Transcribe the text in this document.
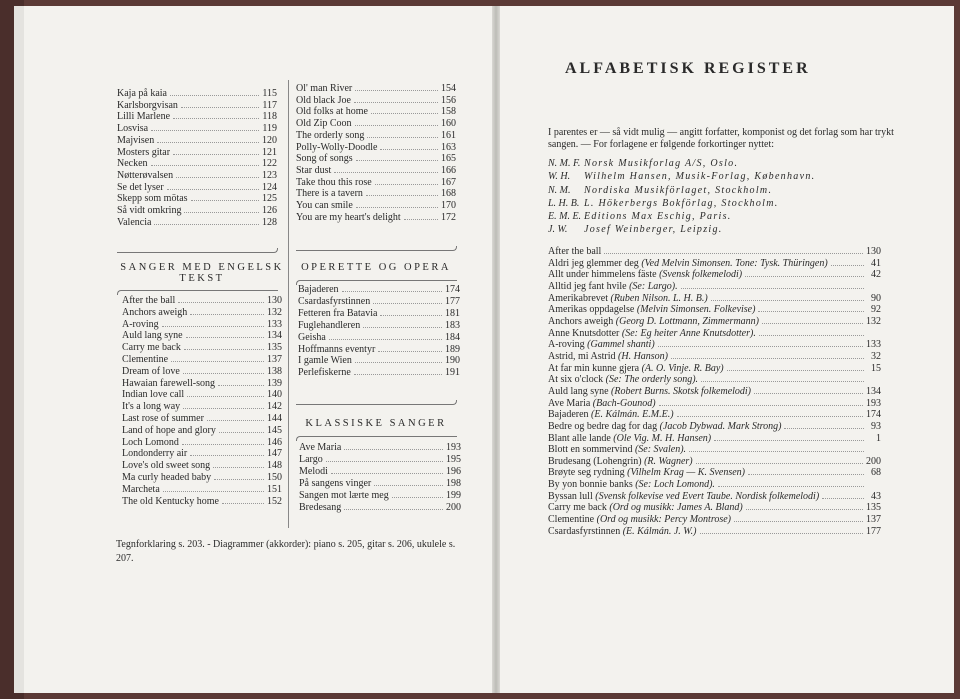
Kaja på kaia	115
Karlsborgvisan	117
Lilli Marlene	118
Losvisa	119
Majvisen	120
Mosters gitar	121
Necken	122
Nøtterøvalsen	123
Se det lyser	124
Skepp som mötas	125
Så vidt omkring	126
Valencia	128
Ol' man River	154
Old black Joe	156
Old folks at home	158
Old Zip Coon	160
The orderly song	161
Polly-Wolly-Doodle	163
Song of songs	165
Star dust	166
Take thou this rose	167
There is a tavern	168
You can smile	170
You are my heart's delight	172
SANGER MED ENGELSK
TEKST
After the ball	130
Anchors aweigh	132
A-roving	133
Auld lang syne	134
Carry me back	135
Clementine	137
Dream of love	138
Hawaian farewell-song	139
Indian love call	140
It's a long way	142
Last rose of summer	144
Land of hope and glory	145
Loch Lomond	146
Londonderry air	147
Love's old sweet song	148
Ma curly headed baby	150
Marcheta	151
The old Kentucky home	152
OPERETTE OG OPERA
Bajaderen	174
Csardasfyrstinnen	177
Fetteren fra Batavia	181
Fuglehandleren	183
Geisha	184
Hoffmanns eventyr	189
I gamle Wien	190
Perlefiskerne	191
KLASSISKE SANGER
Ave Maria	193
Largo	195
Melodi	196
På sangens vinger	198
Sangen mot lærte meg	199
Bredesang	200
Tegnforklaring s. 203. - Diagrammer (akkorder): piano s. 205, gitar s. 206, ukulele s. 207.
ALFABETISK REGISTER
I parentes er — så vidt mulig — angitt forfatter, komponist og det forlag som har trykt sangen. — For forlagene er følgende forkortinger nyttet:
N. M. F. Norsk Musikforlag A/S, Oslo.
W. H.	Wilhelm Hansen, Musik-Forlag, København.
N. M.	Nordiska Musikförlaget, Stockholm.
L. H. B. L. Hökerbergs Bokförlag, Stockholm.
E. M. E. Editions Max Eschig, Paris.
J. W.	Josef Weinberger, Leipzig.
After the ball	130
Aldri jeg glemmer deg (Ved Melvin Simonsen. Tone: Tysk. Thüringen)	41
Allt under himmelens fäste (Svensk folkemelodi)	42
Alltid jeg fant hvile (Se: Largo).
Amerikabrevet (Ruben Nilson. L. H. B.)	90
Amerikas oppdagelse (Melvin Simonsen. Folkevise)	92
Anchors aweigh (Georg D. Lottmann, Zimmermann)	132
Anne Knutsdotter (Se: Eg heiter Anne Knutsdotter).
A-roving (Gammel shanti)	133
Astrid, mi Astrid (H. Hanson)	32
At far min kunne gjera (A. O. Vinje. R. Bay)	15
At six o'clock (Se: The orderly song).
Auld lang syne (Robert Burns. Skotsk folkemelodi)	134
Ave Maria (Bach-Gounod)	193
Bajaderen (E. Kálmán. E.M.E.)	174
Bedre og bedre dag for dag (Jacob Dybwad. Mark Strong)	93
Blant alle lande (Ole Vig. M. H. Hansen)	1
Blott en sommervind (Se: Svalen).
Brudesang (Lohengrin) (R. Wagner)	200
Brøyte seg rydning (Vilhelm Krag — K. Svensen)	68
By yon bonnie banks (Se: Loch Lomond).
Byssan lull (Svensk folkevise ved Evert Taube. Nordisk folkemelodi)	43
Carry me back (Ord og musikk: James A. Bland)	135
Clementine (Ord og musikk: Percy Montrose)	137
Csardasfyrstinnen (E. Kálmán. J. W.)	177
